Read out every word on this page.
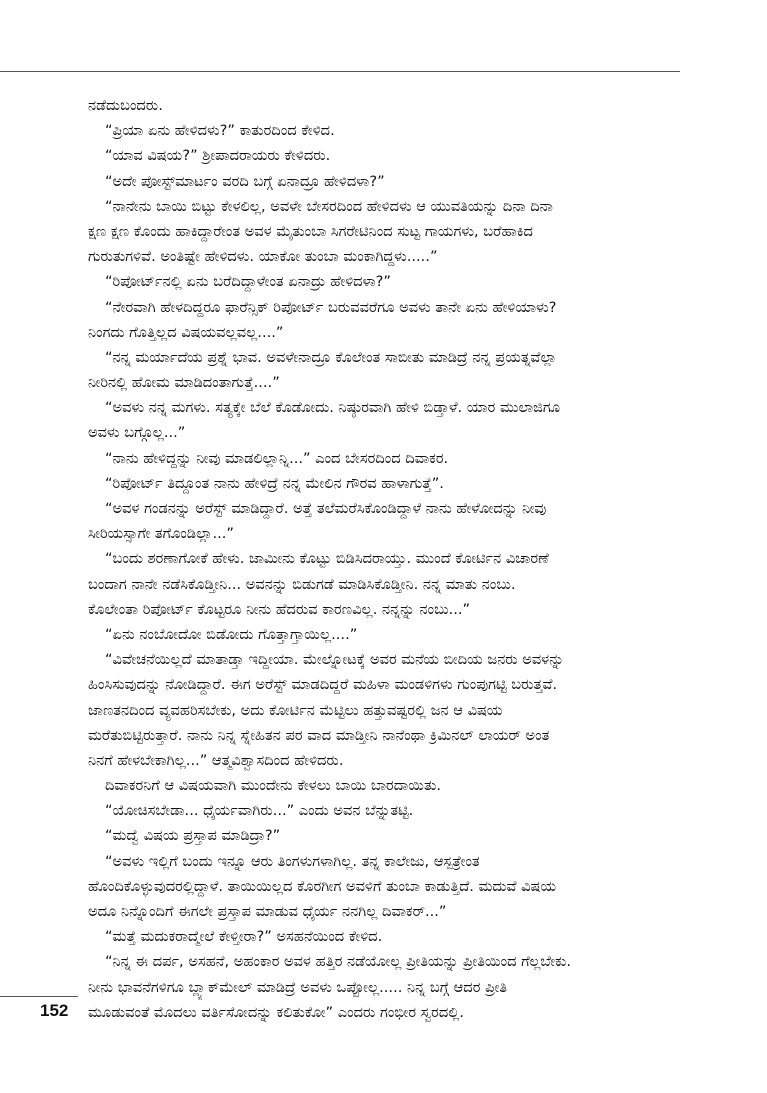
ನಡೆದುಬಂದರು.
“ಪ್ರಿಯಾ ಏನು ಹೇಳಿದಳು?” ಕಾತುರದಿಂದ ಕೇಳಿದ.
“ಯಾವ ವಿಷಯ?” ಶ್ರೀಪಾದರಾಯರು ಕೇಳಿದರು.
“ಅದೇ ಪೋಸ್ಟ್‌ಮಾರ್ಟಂ ವರದಿ ಬಗ್ಗೆ ಏನಾದ್ರೂ ಹೇಳಿದಳಾ?”
“ನಾನೇನು ಬಾಯಿ ಬಿಟ್ಟು ಕೇಳಲಿಲ್ಲ, ಅವಳೇ ಬೇಸರದಿಂದ ಹೇಳಿದಳು ಆ ಯುವತಿಯನ್ನು ದಿನಾ ದಿನಾ
ಕ್ಷಣ ಕ್ಷಣ ಕೊಂದು ಹಾಕಿದ್ದಾರೇಂತ ಅವಳ ಮೈತುಂಬಾ ಸಿಗರೇಟಿನಿಂದ ಸುಟ್ಟ ಗಾಯಗಳು, ಬರೆಹಾಕಿದ
ಗುರುತುಗಳಿವೆ. ಅಂತಿಷ್ಟೇ ಹೇಳಿದಳು. ಯಾಕೋ ತುಂಬಾ ಮಂಕಾಗಿದ್ದಳು.....”
“ರಿಪೋರ್ಟ್‌ನಲ್ಲಿ ಏನು ಬರೆದಿದ್ದಾಳೇಂತ ಏನಾದ್ರು ಹೇಳಿದಳಾ?”
“ನೇರವಾಗಿ ಹೇಳದಿದ್ದರೂ ಫಾರೆನ್ಸಿಕ್ ರಿಪೋರ್ಟ್ ಬರುವವರೆಗೂ ಅವಳು ತಾನೇ ಏನು ಹೇಳಿಯಾಳು?
ನಿಂಗದು ಗೊತ್ತಿಲ್ಲದ ವಿಷಯವಲ್ಲವಲ್ಲ....”
“ನನ್ನ ಮರ್ಯಾದೆಯ ಪ್ರಶ್ನೆ ಭಾವ. ಅವಳೇನಾದ್ರೂ ಕೊಲೇಂತ ಸಾಬೀತು ಮಾಡಿದ್ರೆ ನನ್ನ ಪ್ರಯತ್ನವೆಲ್ಲಾ
ನೀರಿನಲ್ಲಿ ಹೋಮ ಮಾಡಿದಂತಾಗುತ್ತೆ....”
“ಅವಳು ನನ್ನ ಮಗಳು. ಸತ್ಯಕ್ಕೇ ಬೆಲೆ ಕೊಡೋದು. ನಿಷ್ಠುರವಾಗಿ ಹೇಳಿ ಬಿಡ್ತಾಳೆ. ಯಾರ ಮುಲಾಜಿಗೂ
ಅವಳು ಬಗ್ಗೊಲ್ಲ...”
“ನಾನು ಹೇಳಿದ್ದನ್ನು ನೀವು ಮಾಡಲಿಲ್ಲಾನ್ನಿ...” ಎಂದ ಬೇಸರದಿಂದ ದಿವಾಕರ.
“ರಿಪೋರ್ಟ್ ತಿದ್ದೂಂತ ನಾನು ಹೇಳಿದ್ರೆ ನನ್ನ ಮೇಲಿನ ಗೌರವ ಹಾಳಾಗುತ್ತೆ”.
“ಅವಳ ಗಂಡನನ್ನು ಅರೆಸ್ಟ್ ಮಾಡಿದ್ದಾರೆ. ಅತ್ತೆ ತಲೆಮರೆಸಿಕೊಂಡಿದ್ದಾಳೆ ನಾನು ಹೇಳೋದನ್ನು ನೀವು
ಸೀರಿಯಸ್ಸಾಗೇ ತಗೊಂಡಿಲ್ಲಾ...”
“ಬಂದು ಶರಣಾಗೋಕೆ ಹೇಳು. ಜಾಮೀನು ಕೊಟ್ಟು ಬಿಡಿಸಿದರಾಯ್ತು. ಮುಂದೆ ಕೋರ್ಟಿನ ವಿಚಾರಣೆ
ಬಂದಾಗ ನಾನೇ ನಡೆಸಿಕೊಡ್ತೀನಿ... ಅವನನ್ನು ಬಿಡುಗಡೆ ಮಾಡಿಸಿಕೊಡ್ತೀನಿ. ನನ್ನ ಮಾತು ನಂಬು.
ಕೊಲೇಂತಾ ರಿಪೋರ್ಟ್ ಕೊಟ್ಟರೂ ನೀನು ಹೆದರುವ ಕಾರಣವಿಲ್ಲ. ನನ್ನನ್ನು ನಂಬು...”
“ಏನು ನಂಬೋದೋ ಬಿಡೋದು ಗೊತ್ತಾಗ್ತಾಯಿಲ್ಲ....”
“ವಿವೇಚನೆಯಿಲ್ಲದೆ ಮಾತಾಡ್ತಾ ಇದ್ದೀಯಾ. ಮೇಲ್ನೋಟಕ್ಕೆ ಅವರ ಮನೆಯ ಬೀದಿಯ ಜನರು ಅವಳನ್ನು
ಹಿಂಸಿಸುವುದನ್ನು ನೋಡಿದ್ದಾರೆ. ಈಗ ಅರೆಸ್ಟ್ ಮಾಡದಿದ್ದರೆ ಮಹಿಳಾ ಮಂಡಳಿಗಳು ಗುಂಪುಗಟ್ಟಿ ಬರುತ್ತವೆ.
ಜಾಣತನದಿಂದ ವ್ಯವಹರಿಸಬೇಕು, ಅದು ಕೋರ್ಟಿನ ಮೆಟ್ಟಿಲು ಹತ್ತುವಷ್ಟರಲ್ಲಿ ಜನ ಆ ವಿಷಯ
ಮರೆತುಬಿಟ್ಟಿರುತ್ತಾರೆ. ನಾನು ನಿನ್ನ ಸ್ನೇಹಿತನ ಪರ ವಾದ ಮಾಡ್ತೀನಿ ನಾನೆಂಥಾ ಕ್ರಿಮಿನಲ್ ಲಾಯರ್ ಅಂತ
ನಿನಗೆ ಹೇಳಬೇಕಾಗಿಲ್ಲ...” ಆತ್ಮವಿಶ್ವಾಸದಿಂದ ಹೇಳಿದರು.
ದಿವಾಕರನಿಗೆ ಆ ವಿಷಯವಾಗಿ ಮುಂದೇನು ಕೇಳಲು ಬಾಯಿ ಬಾರದಾಯಿತು.
“ಯೋಚಿಸಬೇಡಾ... ಧೈರ್ಯವಾಗಿರು...” ಎಂದು ಅವನ ಬೆನ್ನುತಟ್ಟಿ.
“ಮದ್ವೆ ವಿಷಯ ಪ್ರಸ್ತಾಪ ಮಾಡಿದ್ರಾ?”
“ಅವಳು ಇಲ್ಲಿಗೆ ಬಂದು ಇನ್ನೂ ಆರು ತಿಂಗಳುಗಳಾಗಿಲ್ಲ. ತನ್ನ ಕಾಲೇಜು, ಆಸ್ಪತ್ರೇಂತ
ಹೊಂದಿಕೊಳ್ಳುವುದರಲ್ಲಿದ್ದಾಳೆ. ತಾಯಿಯಿಲ್ಲದ ಕೊರಗೀಗ ಅವಳಿಗೆ ತುಂಬಾ ಕಾಡುತ್ತಿದೆ. ಮದುವೆ ವಿಷಯ
ಅದೂ ನಿನ್ನೊಂದಿಗೆ ಈಗಲೇ ಪ್ರಸ್ತಾಪ ಮಾಡುವ ಧೈರ್ಯ ನನಗಿಲ್ಲ ದಿವಾಕರ್...”
“ಮತ್ತೆ ಮದುಕರಾದ್ಮೇಲೆ ಕೇಳ್ತೀರಾ?” ಅಸಹನೆಯಿಂದ ಕೇಳಿದ.
“ನಿನ್ನ ಈ ದರ್ಪ, ಅಸಹನೆ, ಅಹಂಕಾರ ಅವಳ ಹತ್ತಿರ ನಡೆಯೋಲ್ಲ ಪ್ರೀತಿಯನ್ನು ಪ್ರೀತಿಯಿಂದ ಗೆಲ್ಲಬೇಕು.
ನೀನು ಭಾವನೆಗಳಿಗೂ ಬ್ಲ್ಯಾಕ್‌ಮೇಲ್ ಮಾಡಿದ್ರೆ ಅವಳು ಒಪ್ಪೋಲ್ಲ..... ನಿನ್ನ ಬಗ್ಗೆ ಆದರ ಪ್ರೀತಿ
ಮೂಡುವಂತೆ ಮೊದಲು ವರ್ತಿಸೋದನ್ನು ಕಲಿತುಕೋ” ಎಂದರು ಗಂಭೀರ ಸ್ವರದಲ್ಲಿ.
152
